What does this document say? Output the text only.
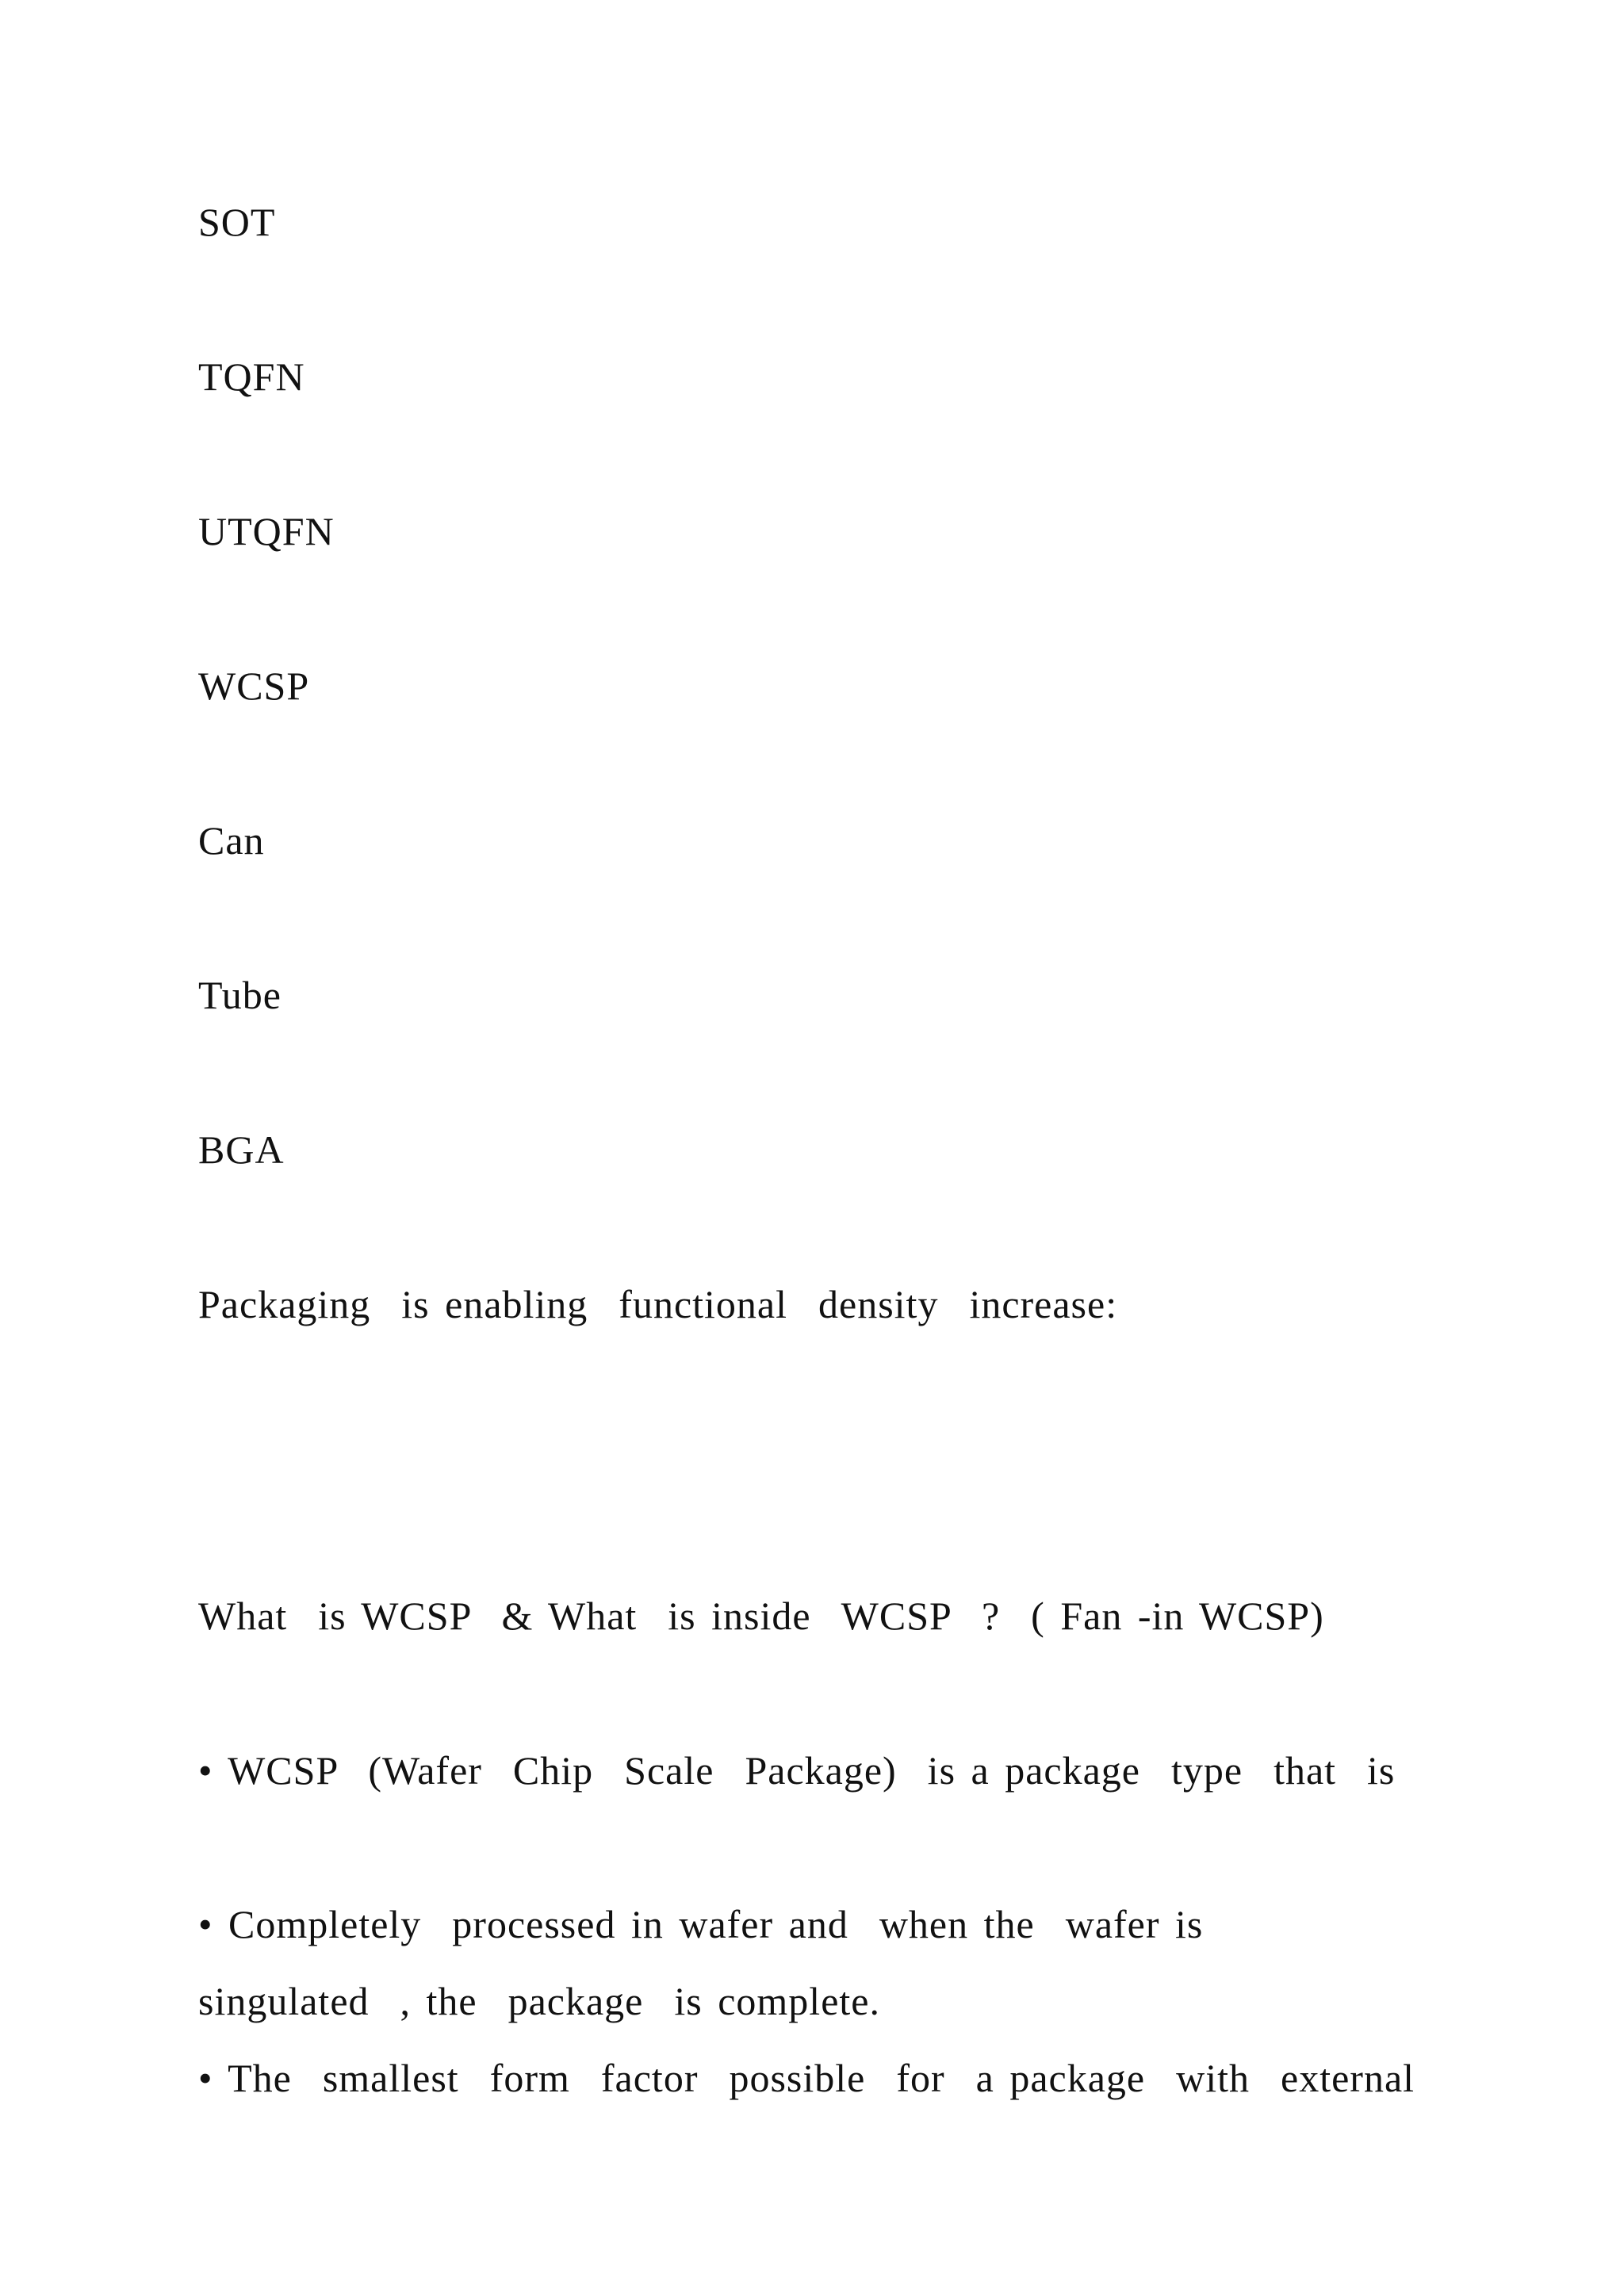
SOT

TQFN

UTQFN

WCSP

Can

Tube

BGA

Packaging  is enabling  functional  density  increase:

What  is WCSP  & What  is inside  WCSP  ?  ( Fan -in WCSP)

• WCSP  (Wafer  Chip  Scale  Package)  is a package  type  that  is

• Completely  processed in wafer and  when the  wafer is

singulated  , the  package  is complete.

• The  smallest  form  factor  possible  for  a package  with  external
